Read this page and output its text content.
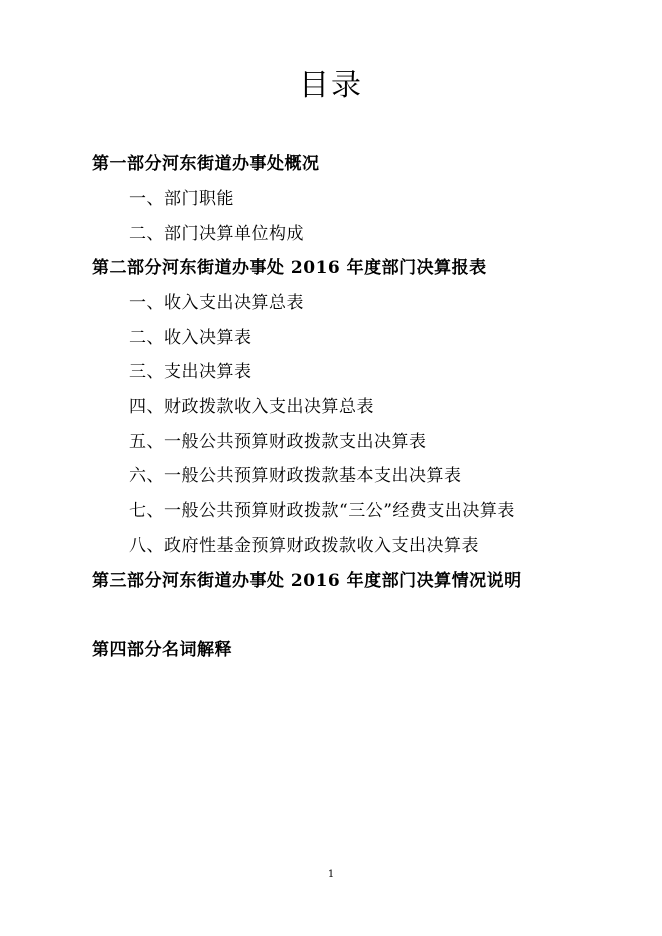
目录
第一部分河东街道办事处概况
一、部门职能
二、部门决算单位构成
第二部分河东街道办事处 2016 年度部门决算报表
一、收入支出决算总表
二、收入决算表
三、支出决算表
四、财政拨款收入支出决算总表
五、一般公共预算财政拨款支出决算表
六、一般公共预算财政拨款基本支出决算表
七、一般公共预算财政拨款“三公”经费支出决算表
八、政府性基金预算财政拨款收入支出决算表
第三部分河东街道办事处 2016 年度部门决算情况说明
第四部分名词解释
1
